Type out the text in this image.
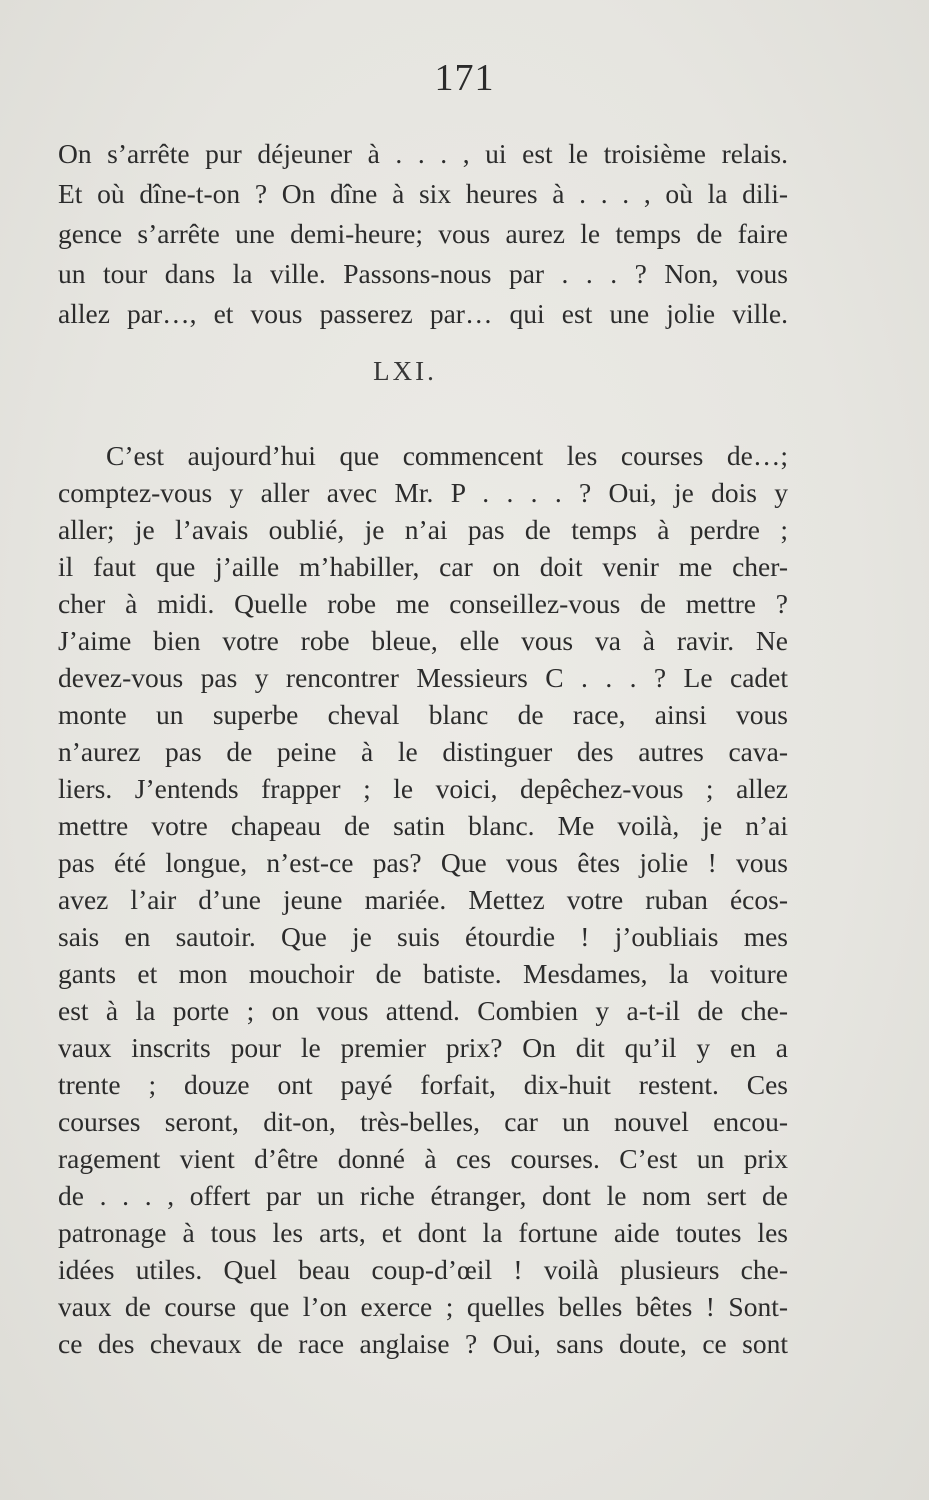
171
On s’arrête pur déjeuner à . . . , ui est le troisième relais.
Et où dîne-t-on ? On dîne à six heures à . . . , où la dili-
gence s’arrête une demi-heure; vous aurez le temps de faire
un tour dans la ville. Passons-nous par . . . ? Non, vous
allez par…, et vous passerez par… qui est une jolie ville.
LXI.
C’est aujourd’hui que commencent les courses de…;
comptez-vous y aller avec Mr. P . . . . ? Oui, je dois y
aller; je l’avais oublié, je n’ai pas de temps à perdre ;
il faut que j’aille m’habiller, car on doit venir me cher-
cher à midi. Quelle robe me conseillez-vous de mettre ?
J’aime bien votre robe bleue, elle vous va à ravir. Ne
devez-vous pas y rencontrer Messieurs C . . . ? Le cadet
monte un superbe cheval blanc de race, ainsi vous
n’aurez pas de peine à le distinguer des autres cava-
liers. J’entends frapper ; le voici, depêchez-vous ; allez
mettre votre chapeau de satin blanc. Me voilà, je n’ai
pas été longue, n’est-ce pas? Que vous êtes jolie ! vous
avez l’air d’une jeune mariée. Mettez votre ruban écos-
sais en sautoir. Que je suis étourdie ! j’oubliais mes
gants et mon mouchoir de batiste. Mesdames, la voiture
est à la porte ; on vous attend. Combien y a-t-il de che-
vaux inscrits pour le premier prix? On dit qu’il y en a
trente ; douze ont payé forfait, dix-huit restent. Ces
courses seront, dit-on, très-belles, car un nouvel encou-
ragement vient d’être donné à ces courses. C’est un prix
de . . . , offert par un riche étranger, dont le nom sert de
patronage à tous les arts, et dont la fortune aide toutes les
idées utiles. Quel beau coup-d’œil ! voilà plusieurs che-
vaux de course que l’on exerce ; quelles belles bêtes ! Sont-
ce des chevaux de race anglaise ? Oui, sans doute, ce sont
